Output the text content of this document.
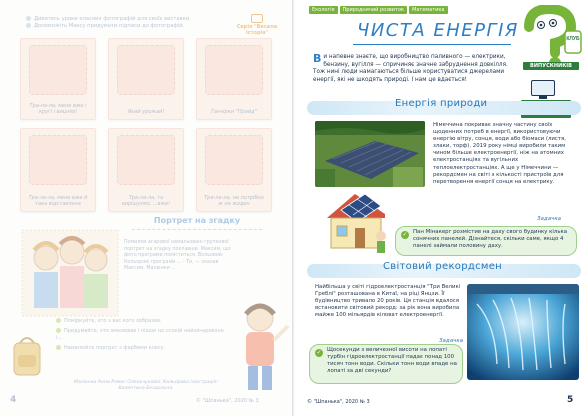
Дивитесь уроки класних фотографій для своїх виставки.
Допоможіть Максу придумати підписи до фотографій.	Серія "Весела історія"
Тра-ла-ла, мене вже і кругі і вишнів!	Який урожай!	Ганчірки "Прайд"
Тра-ла-ла, мене вже й така відставлена
Тра-ла-ла, то вирішуємо, ...вже!
Тра-ла-ла, не потрібно ж на жоден
Портрет на згадку
Помилки агарової намальовані групкової портрет на згадку поклавши. Максим, що фото програми поміститься. Вольовий. Кольорові програми ... - Ти, — сказав Максим. Малюнки ...
Поміркуйте, хто з вас кого зобразив.
Придумайте, хто змалював і пішов на спокій найзачаровано і...
Намалюйте портрет з фарбами класу.
Малюнки Анни Рамос Оленьчукової. Кольорова ілюстрація: Валентина Бездольна.
© "Шпанька", 2020 № 3
4
Екологія Природничий розвиток Математика
КЛУБ
ВИПУСКНИКІВ
ЧИСТА ЕНЕРГІЯ
Ви напевне знаєте, що виробництво паливного — електрики, бензину, вугілля — спричиняє значне забруднення довкілля. Тож нині люди намагаються більше користуватися джерелами енергії, які не шкодять природі. І нам це вдається!
Енергія природи
Німеччина покриває значну частину своїх щоденних потреб в енергії, використовуючи енергію вітру, сонця, води або біомаси (листя, злаки, торф). 2019 року німці виробили таким чином більше електроенергії, ніж на атомних електростанціях та вугільних теплоелектростанціях. А ще у Німеччини — рекордсмен на світі з кількості пристроїв для перетворення енергії сонця на електрику.
Задачка
✓ Пан Мінакерг розмістив на даху свого будинку кілька сонячних панелей. Дізнайтеся, скільки саме, якщо 4 панелі займали половину даху.
Світовий рекордсмен
Найбільша у світі гідроелектростанція "Три Великі Греблі" розташована в Китаї, на ріці Янцзи. Її будівництво тривало 20 років. Ця станція вдалося встановити світовий рекорд: за рік вона виробила майже 100 мільярдів кіловат електроенергії.
Задачка
✓ Щосекунди з величезної висоти на лопаті турбін гідроелектростанції падає понад 100 тисяч тонн води. Скільки тонн води впаде на лопаті за дві секунди?
© "Шпанька", 2020 № 3	5
